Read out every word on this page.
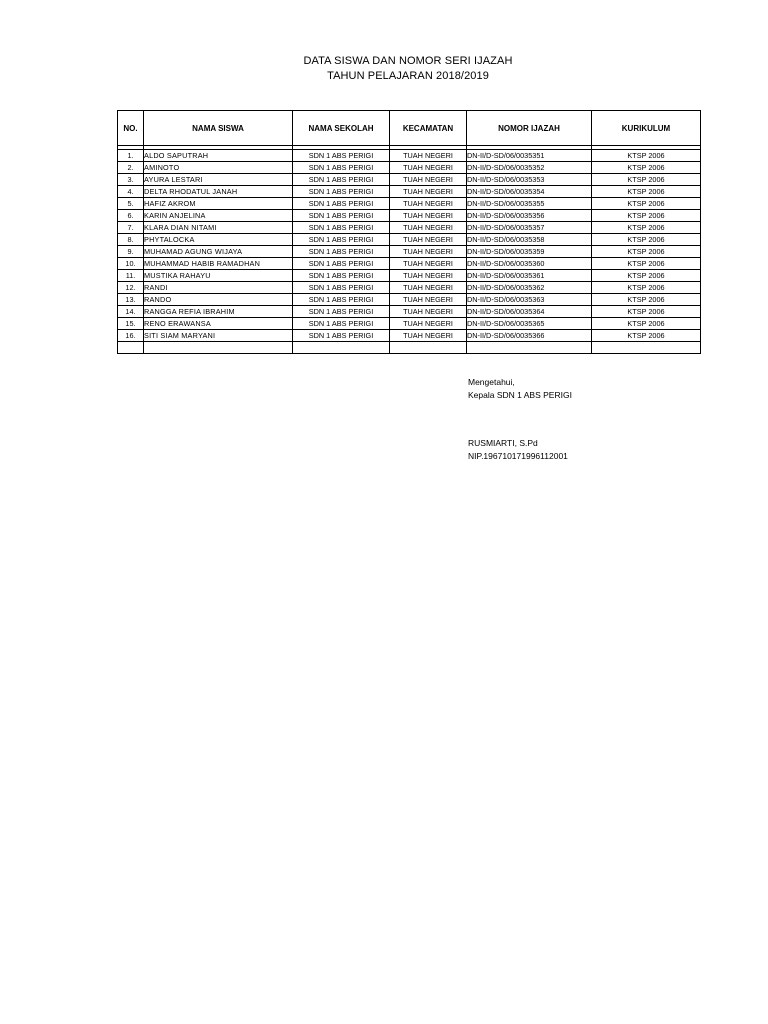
DATA SISWA DAN NOMOR SERI IJAZAH
TAHUN PELAJARAN 2018/2019
NO.	NAMA SISWA	NAMA SEKOLAH	KECAMATAN	NOMOR IJAZAH	KURIKULUM

1.	ALDO SAPUTRAH	SDN 1 ABS PERIGI	TUAH NEGERI	DN-II/D-SD/06/0035351	KTSP 2006
2.	AMINOTO	SDN 1 ABS PERIGI	TUAH NEGERI	DN-II/D-SD/06/0035352	KTSP 2006
3.	AYURA LESTARI	SDN 1 ABS PERIGI	TUAH NEGERI	DN-II/D-SD/06/0035353	KTSP 2006
4.	DELTA RHODATUL JANAH	SDN 1 ABS PERIGI	TUAH NEGERI	DN-II/D-SD/06/0035354	KTSP 2006
5.	HAFIZ AKROM	SDN 1 ABS PERIGI	TUAH NEGERI	DN-II/D-SD/06/0035355	KTSP 2006
6.	KARIN ANJELINA	SDN 1 ABS PERIGI	TUAH NEGERI	DN-II/D-SD/06/0035356	KTSP 2006
7.	KLARA DIAN NITAMI	SDN 1 ABS PERIGI	TUAH NEGERI	DN-II/D-SD/06/0035357	KTSP 2006
8.	PHYTALOCKA	SDN 1 ABS PERIGI	TUAH NEGERI	DN-II/D-SD/06/0035358	KTSP 2006
9.	MUHAMAD AGUNG WIJAYA	SDN 1 ABS PERIGI	TUAH NEGERI	DN-II/D-SD/06/0035359	KTSP 2006
10.	MUHAMMAD HABIB RAMADHAN	SDN 1 ABS PERIGI	TUAH NEGERI	DN-II/D-SD/06/0035360	KTSP 2006
11.	MUSTIKA RAHAYU	SDN 1 ABS PERIGI	TUAH NEGERI	DN-II/D-SD/06/0035361	KTSP 2006
12.	RANDI	SDN 1 ABS PERIGI	TUAH NEGERI	DN-II/D-SD/06/0035362	KTSP 2006
13.	RANDO	SDN 1 ABS PERIGI	TUAH NEGERI	DN-II/D-SD/06/0035363	KTSP 2006
14.	RANGGA REFIA IBRAHIM	SDN 1 ABS PERIGI	TUAH NEGERI	DN-II/D-SD/06/0035364	KTSP 2006
15.	RENO ERAWANSA	SDN 1 ABS PERIGI	TUAH NEGERI	DN-II/D-SD/06/0035365	KTSP 2006
16.	SITI SIAM MARYANI	SDN 1 ABS PERIGI	TUAH NEGERI	DN-II/D-SD/06/0035366	KTSP 2006

Mengetahui,
Kepala SDN 1 ABS PERIGI
RUSMIARTI, S.Pd
NIP.196710171996112001
